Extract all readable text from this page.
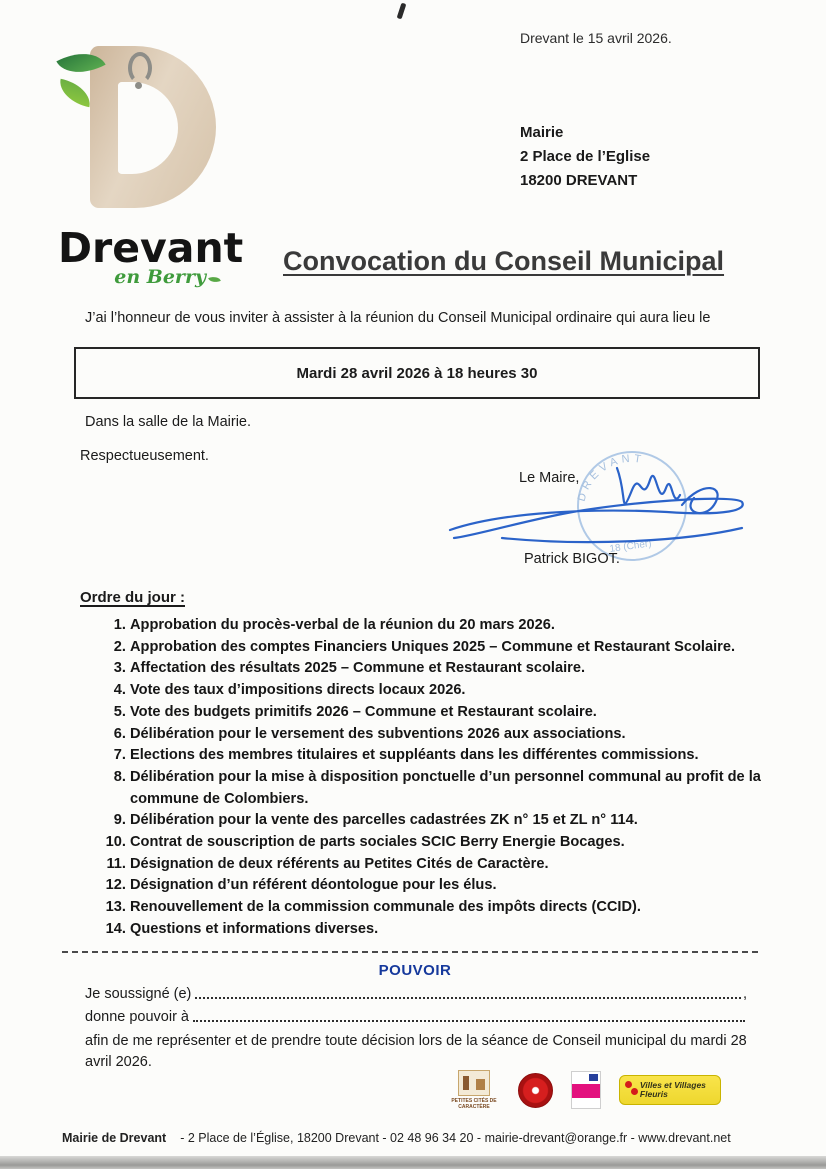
Drevant le 15 avril 2026.
Drevant
en Berry
Mairie
2 Place de l’Eglise
18200 DREVANT
Convocation du Conseil Municipal

J’ai l’honneur de vous inviter à assister à la réunion du Conseil Municipal ordinaire qui aura lieu le

Mardi 28 avril 2026 à 18 heures 30

Dans la salle de la Mairie.

Respectueusement.

Le Maire,
DREVANT
18 (Cher)
Patrick BIGOT.
Ordre du jour :
1. Approbation du procès-verbal de la réunion du 20 mars 2026.
2. Approbation des comptes Financiers Uniques 2025 – Commune et Restaurant Scolaire.
3. Affectation des résultats 2025 – Commune et Restaurant scolaire.
4. Vote des taux d’impositions directs locaux 2026.
5. Vote des budgets primitifs 2026 – Commune et Restaurant scolaire.
6. Délibération pour le versement des subventions 2026 aux associations.
7. Elections des membres titulaires et suppléants dans les différentes commissions.
8. Délibération pour la mise à disposition ponctuelle d’un personnel communal au profit de la commune de Colombiers.
9. Délibération pour la vente des parcelles cadastrées ZK n° 15 et ZL n° 114.
10. Contrat de souscription de parts sociales SCIC Berry Energie Bocages.
11. Désignation de deux référents au Petites Cités de Caractère.
12. Désignation d’un référent déontologue pour les élus.
13. Renouvellement de la commission communale des impôts directs (CCID).
14. Questions et informations diverses.
POUVOIR
Je soussigné (e)	,
donne pouvoir à

afin de me représenter et de prendre toute décision lors de la séance de Conseil municipal du mardi 28 avril 2026.

PETITES CITÉS DE CARACTÈRE
Villes et Villages Fleuris
Mairie de Drevant - 2 Place de l’Église, 18200 Drevant - 02 48 96 34 20 - mairie-drevant@orange.fr - www.drevant.net
